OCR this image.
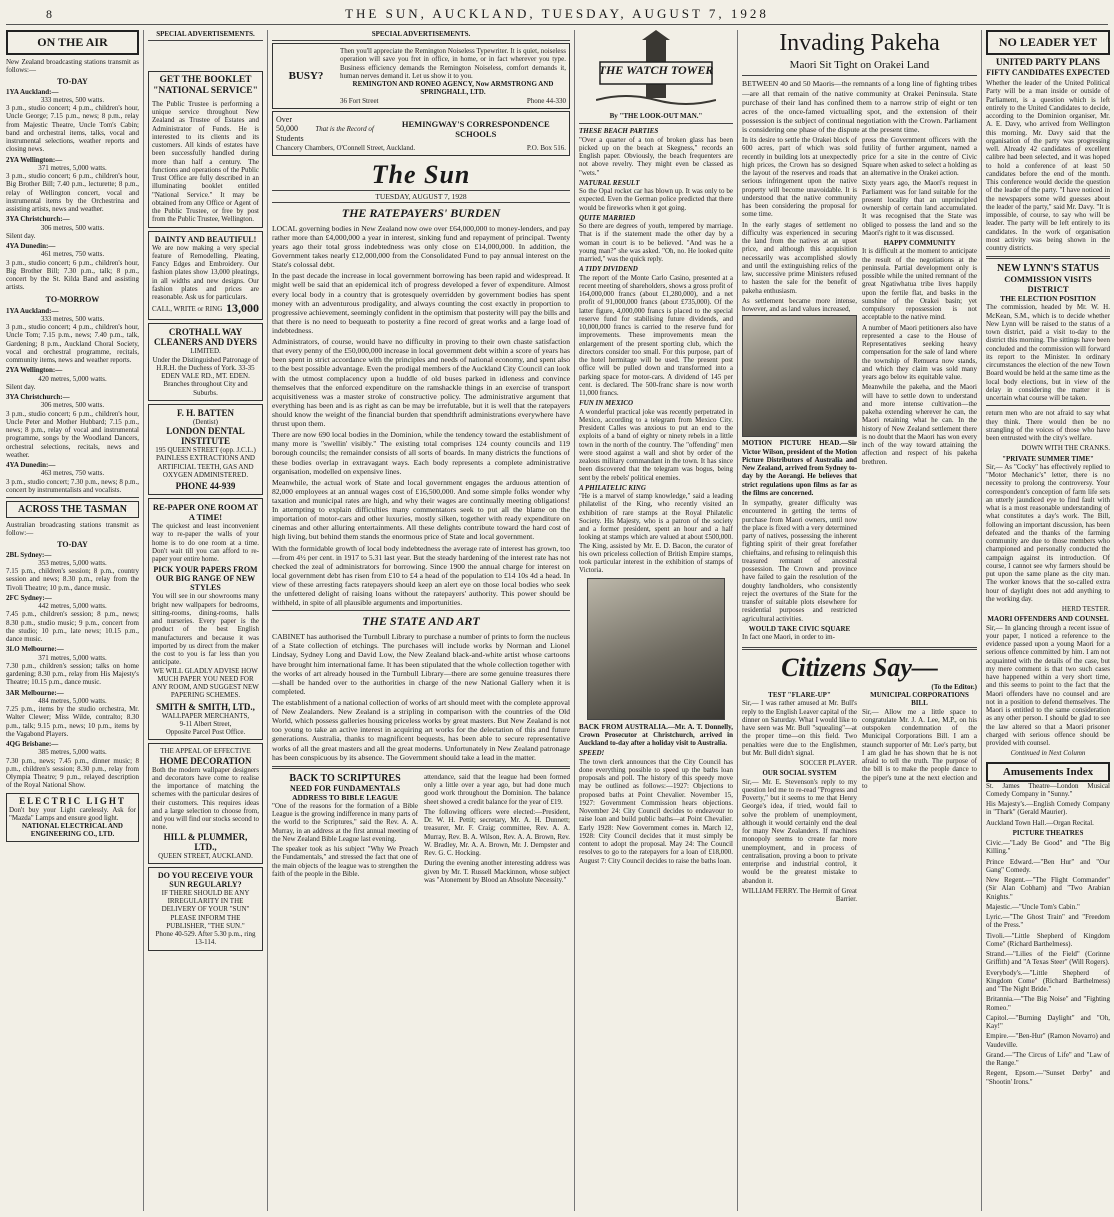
8	THE SUN, AUCKLAND, TUESDAY, AUGUST 7, 1928
ON THE AIR
New Zealand broadcasting stations transmit as follows:—
TO-DAY
1YA Auckland:—
333 metres, 500 watts.

3 p.m., studio concert; 4 p.m., children's hour, Uncle George; 7.15 p.m., news; 8 p.m., relay from Majestic Theatre, Uncle Tom's Cabin; band and orchestral items, talks, vocal and instrumental selections, weather reports and closing news.

2YA Wellington:—
371 metres, 5,000 watts.

3 p.m., studio concert; 6 p.m., children's hour, Big Brother Bill; 7.40 p.m., lecturette; 8 p.m., relay of Wellington concert, vocal and instrumental items by the Orchestrina and assisting artists, news and weather.

3YA Christchurch:—
306 metres, 500 watts.

Silent day.

4YA Dunedin:—
461 metres, 750 watts.

3 p.m., studio concert; 6 p.m., children's hour, Big Brother Bill; 7.30 p.m., talk; 8 p.m., concert by the St. Kilda Band and assisting artists.

TO-MORROW
1YA Auckland:—
333 metres, 500 watts.

3 p.m., studio concert; 4 p.m., children's hour, Uncle Tom; 7.15 p.m., news; 7.40 p.m., talk, Gardening; 8 p.m., Auckland Choral Society, vocal and orchestral programme, recitals, community items, news and weather reports.

2YA Wellington:—
420 metres, 5,000 watts.

Silent day.

3YA Christchurch:—
306 metres, 500 watts.

3 p.m., studio concert; 6 p.m., children's hour, Uncle Peter and Mother Hubbard; 7.15 p.m., news; 8 p.m., relay of vocal and instrumental programme, songs by the Woodland Dancers, orchestral selections, recitals, news and weather.

4YA Dunedin:—
463 metres, 750 watts.

3 p.m., studio concert; 7.30 p.m., news; 8 p.m., concert by instrumentalists and vocalists.

ACROSS THE TASMAN
Australian broadcasting stations transmit as follow:—
TO-DAY
2BL Sydney:—
353 metres, 5,000 watts.

7.15 p.m., children's session; 8 p.m., country session and news; 8.30 p.m., relay from the Tivoli Theatre; 10 p.m., dance music.

2FC Sydney:—
442 metres, 5,000 watts.

7.45 p.m., children's session; 8 p.m., news; 8.30 p.m., studio music; 9 p.m., concert from the studio; 10 p.m., late news; 10.15 p.m., dance music.

3LO Melbourne:—
371 metres, 5,000 watts.

7.30 p.m., children's session; talks on home gardening; 8.30 p.m., relay from His Majesty's Theatre; 10.15 p.m., dance music.

3AR Melbourne:—
484 metres, 5,000 watts.

7.25 p.m., items by the studio orchestra, Mr. Walter Clewer; Miss Wilde, contralto; 8.30 p.m., talk; 9.15 p.m., news; 10 p.m., items by the Vagabond Players.

4QG Brisbane:—
385 metres, 5,000 watts.

7.30 p.m., news; 7.45 p.m., dinner music; 8 p.m., children's session; 8.30 p.m., relay from Olympia Theatre; 9 p.m., relayed description of the Royal National Show.

ELECTRIC LIGHT
Don't buy your Light carelessly. Ask for "Mazda" Lamps and ensure good light.
NATIONAL ELECTRICAL AND ENGINEERING CO., LTD.
SPECIAL ADVERTISEMENTS.
GET THE BOOKLET "NATIONAL SERVICE"
The Public Trustee is performing a unique service throughout New Zealand as Trustee of Estates and Administrator of Funds. He is interested to its clients and its customers. All kinds of estates have been successfully handled during more than half a century. The functions and operations of the Public Trust Office are fully described in an illuminating booklet entitled "National Service." It may be obtained from any Office or Agent of the Public Trustee, or free by post from the Public Trustee, Wellington.
DAINTY AND BEAUTIFUL!
We are now making a very special feature of Remodelling, Pleating, Fancy Edges and Embroidery. Our fashion plates show 13,000 pleatings, in all widths and new designs. Our fashion plates and prices are reasonable. Ask us for particulars.
CALL, WRITE or RING 13,000
CROTHALL WAY CLEANERS AND DYERS
LIMITED.
Under the Distinguished Patronage of H.R.H. the Duchess of York. 33-35 EDEN VALE RD., MT. EDEN. Branches throughout City and Suburbs.
F. H. BATTEN
(Dentist)
LONDON DENTAL INSTITUTE
195 QUEEN STREET (opp. J.C.L.) PAINLESS EXTRACTIONS AND ARTIFICIAL TEETH, GAS AND OXYGEN ADMINISTERED.
PHONE 44-939
RE-PAPER ONE ROOM AT A TIME!
The quickest and least inconvenient way to re-paper the walls of your home is to do one room at a time. Don't wait till you can afford to re-paper your entire home.
PICK YOUR PAPERS FROM OUR BIG RANGE OF NEW STYLES
You will see in our showrooms many bright new wallpapers for bedrooms, sitting-rooms, dining-rooms, halls and nurseries. Every paper is the product of the best English manufacturers and because it was imported by us direct from the maker the cost to you is far less than you anticipate.
WE WILL GLADLY ADVISE HOW MUCH PAPER YOU NEED FOR ANY ROOM, AND SUGGEST NEW PAPERING SCHEMES.
SMITH & SMITH, LTD.,
WALLPAPER MERCHANTS,
9-11 Albert Street,
Opposite Parcel Post Office.
THE APPEAL OF EFFECTIVE
HOME DECORATION
Both the modern wallpaper designers and decorators have come to realise the importance of matching the schemes with the particular desires of their customers. This requires ideas and a large selection to choose from, and you will find our stocks second to none.
HILL & PLUMMER, LTD.,
QUEEN STREET, AUCKLAND.
DO YOU RECEIVE YOUR SUN REGULARLY?
IF THERE SHOULD BE ANY IRREGULARITY IN THE DELIVERY OF YOUR "SUN" PLEASE INFORM THE PUBLISHER, "THE SUN."
Phone 40-529. After 5.30 p.m., ring 13-114.
SPECIAL ADVERTISEMENTS.
BUSY?
Then you'll appreciate the Remington Noiseless Typewriter. It is quiet, noiseless operation will save you fret in office, in home, or in fact wherever you type. Business efficiency demands the Remington Noiseless, comfort demands it, human nerves demand it. Let us show it to you.
REMINGTON AND RONEO AGENCY, Now ARMSTRONG AND SPRINGHALL, LTD.
36 Fort Street	Phone 44-330
Over
50,000
Students
That is the Record of	HEMINGWAY'S CORRESPONDENCE SCHOOLS
Chancery Chambers, O'Connell Street, Auckland.	P.O. Box 516.
The Sun
TUESDAY, AUGUST 7, 1928
THE RATEPAYERS' BURDEN

LOCAL governing bodies in New Zealand now owe over £64,000,000 to money-lenders, and pay rather more than £4,000,000 a year in interest, sinking fund and repayment of principal. Twenty years ago their total gross indebtedness was only close on £14,000,000. In addition, the Government takes nearly £12,000,000 from the Consolidated Fund to pay annual interest on the State's colossal debt.

In the past decade the increase in local government borrowing has been rapid and widespread. It might well be said that an epidemical itch of progress developed a fever of expenditure. Almost every local body in a country that is grotesquely overridden by government bodies has spent money with an adventurous prodigality, and always counting the cost exactly in proportion to progressive achievement, seemingly confident in the optimism that posterity will pay the bills and that there is no need to bequeath to posterity a fine record of great works and a large load of indebtedness.

Administrators, of course, would have no difficulty in proving to their own chaste satisfaction that every penny of the £50,000,000 increase in local government debt within a score of years has been spent in strict accordance with the principles and needs of national economy, and spent also to the best possible advantage. Even the prodigal members of the Auckland City Council can look with the utmost complacency upon a huddle of old buses parked in idleness and convince themselves that the enforced expenditure on the ramshackle things in an exercise of transport acquisitiveness was a master stroke of constructive policy. The administrative argument that everything has been and is as right as can be may be irrefutable, but it is well that the ratepayers should know the weight of the financial burden that spendthrift administrations everywhere have thrust upon them.

There are now 690 local bodies in the Dominion, while the tendency toward the establishment of many more is "swellin' visibly." The existing total comprises 124 county councils and 119 borough councils; the remainder consists of all sorts of boards. In many districts the functions of these bodies overlap in extravagant ways. Each body represents a complete administrative organisation, modelled on expensive lines.

Meanwhile, the actual work of State and local government engages the arduous attention of 82,000 employees at an annual wages cost of £16,500,000. And some simple folks wonder why taxation and municipal rates are high, and why their wages are continually meeting obligations! In attempting to explain difficulties many commentators seek to put all the blame on the importation of motor-cars and other luxuries, mostly silken, together with ready expenditure on cinemas and other alluring entertainments. All these delights contribute toward the hard cost of high living, but behind them stands the enormous price of State and local government.

With the formidable growth of local body indebtedness the average rate of interest has grown, too—from 4½ per cent. in 1917 to 5.31 last year. But the steady hardening of the interest rate has not checked the zeal of administrators for borrowing. Since 1900 the annual charge for interest on local government debt has risen from £10 to £4 a head of the population to £14 10s 4d a head. In view of these arresting facts ratepayers should keep an alert eye on those local bodies who seek the unfettered delight of raising loans without the ratepayers' authority. This power should be withheld, in spite of all plausible arguments and importunities.

THE STATE AND ART

CABINET has authorised the Turnbull Library to purchase a number of prints to form the nucleus of a State collection of etchings. The purchases will include works by Norman and Lionel Lindsay, Sydney Long and David Low, the New Zealand black-and-white artist whose cartoons have brought him international fame. It has been stipulated that the whole collection together with the works of art already housed in the Turnbull Library—there are some genuine treasures there—shall be handed over to the authorities in charge of the new National Gallery when it is completed.

The establishment of a national collection of works of art should meet with the complete approval of New Zealanders. New Zealand is a stripling in comparison with the countries of the Old World, which possess galleries housing priceless works by great masters. But New Zealand is not too young to take an active interest in acquiring art works for the delectation of this and future generations. Australia, thanks to magnificent bequests, has been able to secure representative works of all the great masters and all the great moderns. Unfortunately in New Zealand patronage has been conspicuous by its absence. The Government should take a lead in the matter.

BACK TO SCRIPTURES
NEED FOR FUNDAMENTALS
ADDRESS TO BIBLE LEAGUE

"One of the reasons for the formation of a Bible League is the growing indifference in many parts of the world to the Scriptures," said the Rev. A. A. Murray, in an address at the first annual meeting of the New Zealand Bible League last evening.

The speaker took as his subject "Why We Preach the Fundamentals," and stressed the fact that one of the main objects of the league was to strengthen the faith of the people in the Bible.

attendance, said that the league had been formed only a little over a year ago, but had done much good work throughout the Dominion. The balance sheet showed a credit balance for the year of £19.

The following officers were elected:—President, Dr. W. H. Pettit; secretary, Mr. A. H. Dunnett; treasurer, Mr. F. Craig; committee, Rev. A. A. Murray, Rev. B. A. Wilson, Rev. A. A. Brown, Rev. W. Bradley, Mr. A. A. Brown, Mr. J. Dempster and Rev. G. C. Hocking.

During the evening another interesting address was given by Mr. T. Russell Mackinnon, whose subject was "Atonement by Blood an Absolute Necessity."

THE WATCH TOWER
By "THE LOOK-OUT MAN."
THESE BEACH PARTIES

"Over a quarter of a ton of broken glass has been picked up on the beach at Skegness," records an English paper. Obviously, the beach frequenters are not above revelry. They might even be classed as "wets."

NATURAL RESULT

So the Opal rocket car has blown up. It was only to be expected. Even the German police predicted that there would be fireworks when it got going.

QUITE MARRIED

So there are degrees of youth, tempered by marriage. That is if the statement made the other day by a woman in court is to be believed. "And was he a young man?" she was asked. "Oh, no. He looked quite married," was the quick reply.

A TIDY DIVIDEND

The report of the Monte Carlo Casino, presented at a recent meeting of shareholders, shows a gross profit of 164,000,000 francs (about £1,280,000), and a net profit of 91,000,000 francs (about £735,000). Of the latter figure, 4,000,000 francs is placed to the special reserve fund for stabilising future dividends, and 10,000,000 francs is carried to the reserve fund for improvements. These improvements mean the enlargement of the present sporting club, which the directors consider too small. For this purpose, part of the hotel hermitage will be used. The present post office will be pulled down and transformed into a parking space for motor-cars. A dividend of 145 per cent. is declared. The 500-franc share is now worth 11,000 francs.

FUN IN MEXICO

A wonderful practical joke was recently perpetrated in Mexico, according to a telegram from Mexico City. President Calles was anxious to put an end to the exploits of a band of eighty or ninety rebels in a little town in the north of the country. The "offending" men were stood against a wall and shot by order of the zealous military commandant in the town. It has since been discovered that the telegram was bogus, being sent by the rebels' political enemies.

A PHILATELIC KING

"He is a marvel of stamp knowledge," said a leading philatelist of the King, who recently visited an exhibition of rare stamps at the Royal Philatelic Society. His Majesty, who is a patron of the society and a former president, spent an hour and a half looking at stamps which are valued at about £500,000. The King, assisted by Mr. E. D. Bacon, the curator of his own priceless collection of British Empire stamps, took particular interest in the exhibition of stamps of Victoria.

BACK FROM AUSTRALIA.—Mr. A. T. Donnelly, Crown Prosecutor at Christchurch, arrived in Auckland to-day after a holiday visit to Australia.

SPEED!

The town clerk announces that the City Council has done everything possible to speed up the baths loan proposals and poll. The history of this speedy move may be outlined as follows:—1927: Objections to proposed baths at Point Chevalier. November 15, 1927: Government Commission hears objections. November 24: City Council decides to endeavour to raise loan and build public baths—at Point Chevalier. Early 1928: New Government comes in. March 12, 1928: City Council decides that it must simply be content to adopt the proposal. May 24: The Council resolves to go to the ratepayers for a loan of £18,000. August 7: City Council decides to raise the baths loan.

Invading Pakeha
Maori Sit Tight on Orakei Land

BETWEEN 40 and 50 Maoris—the remnants of a long line of fighting tribes—are all that remain of the native community at Orakei Peninsula. State purchase of their land has confined them to a narrow strip of eight or ten acres of the once-famed victualling spot, and the extension of their possession is the subject of continual negotiation with the Crown. Parliament is considering one phase of the dispute at the present time.

In its desire to settle the Orakei block of 600 acres, part of which was sold recently in building lots at unexpectedly high prices, the Crown has so designed the layout of the reserves and roads that serious infringement upon the native property will become unavoidable. It is understood that the native community has been considering the proposal for some time.

In the early stages of settlement no difficulty was experienced in securing the land from the natives at an upset price, and although this acquisition necessarily was accomplished slowly and until the extinguishing relics of the law, successive prime Ministers refused to hasten the sale for the benefit of pakeha enthusiasm.

As settlement became more intense, however, and as land values increased,

MOTION PICTURE HEAD.—Sir Victor Wilson, president of the Motion Picture Distributors of Australia and New Zealand, arrived from Sydney to-day by the Aorangi. He believes that strict regulations upon films as far as the films are concerned.

In sympathy, greater difficulty was encountered in getting the terms of purchase from Maori owners, until now the place is fixed with a very determined party of natives, possessing the inherent fighting spirit of their great forefather chieftains, and refusing to relinquish this treasured remnant of ancestral possession. The Crown and province have failed to gain the resolution of the doughty landholders, who consistently reject the overtures of the State for the transfer of suitable plots elsewhere for residential purposes and restricted agricultural activities.

WOULD TAKE CIVIC SQUARE

In fact one Maori, in order to im-

press the Government officers with the futility of further argument, named a price for a site in the centre of Civic Square when asked to select a holding as an alternative in the Orakei action.

Sixty years ago, the Maori's request in Parliament was for land suitable for the present locality that an unprincipled ownership of certain land accumulated. It was recognised that the State was obliged to possess the land and so the Maori's right to it was discussed.

HAPPY COMMUNITY

It is difficult at the moment to anticipate the result of the negotiations at the peninsula. Partial development only is possible while the united remnant of the great Ngatiwhatua tribe lives happily upon the fertile flat, and basks in the sunshine of the Orakei basin; yet compulsory repossession is not acceptable to the native mind.

A number of Maori petitioners also have represented a case to the House of Representatives seeking heavy compensation for the sale of land where the township of Remuera now stands, and which they claim was sold many years ago below its equitable value.

Meanwhile the pakeha, and the Maori will have to settle down to understand and more intense cultivation—the pakeha extending wherever he can, the Maori retaining what he can. In the history of New Zealand settlement there is no doubt that the Maori has won every inch of the way toward attaining the affection and respect of his pakeha brethren.

Citizens Say—
(To the Editor.)
TEST "FLARE-UP"

Sir,— I was rather amused at Mr. Bull's reply to the English Leaver capital of the dinner on Saturday. What I would like to have seen was Mr. Bull "squealing"—at the proper time—on this field. Two penalties were due to the Englishmen, but Mr. Bull didn't signal.

SOCCER PLAYER.
OUR SOCIAL SYSTEM

Sir,— Mr. E. Stevenson's reply to my question led me to re-read "Progress and Poverty," but it seems to me that Henry George's idea, if tried, would fail to solve the problem of unemployment, although it would certainly end the deal for many New Zealanders. If machines monopoly seems to create far more unemployment, and in process of centralisation, proving a boon to private enterprise and industrial control, it would be the greatest mistake to abandon it.

WILLIAM FERRY. The Hermit of Great Barrier.
MUNICIPAL CORPORATIONS BILL

Sir,— Allow me a little space to congratulate Mr. J. A. Lee, M.P., on his outspoken condemnation of the Municipal Corporations Bill. I am a staunch supporter of Mr. Lee's party, but I am glad he has shown that he is not afraid to tell the truth. The purpose of the bill is to make the people dance to the piper's tune at the next election and to

NO LEADER YET
UNITED PARTY PLANS
FIFTY CANDIDATES EXPECTED

Whether the leader of the United Political Party will be a man inside or outside of Parliament, is a question which is left entirely to the United Candidates to decide, according to the Dominion organiser, Mr. A. E. Davy, who arrived from Wellington this morning. Mr. Davy said that the organisation of the party was progressing well. Already 42 candidates of excellent calibre had been selected, and it was hoped to hold a conference of at least 50 candidates before the end of the month. This conference would decide the question of the leader of the party. "I have noticed in the newspapers some wild guesses about the leader of the party," said Mr. Davy. "It is impossible, of course, to say who will be leader. The party will be left entirely to its candidates. In the work of organisation most activity was being shown in the country districts.

NEW LYNN'S STATUS
COMMISSION VISITS DISTRICT
THE ELECTION POSITION

The commission, headed by Mr. W. H. McKean, S.M., which is to decide whether New Lynn will be raised to the status of a town district, paid a visit to-day to the district this morning. The sittings have been concluded and the commission will forward its report to the Minister. In ordinary circumstances the election of the new Town Board would be held at the same time as the local body elections, but in view of the delay in considering the matter it is uncertain what course will be taken.

return men who are not afraid to say what they think. There would then be no strangling of the voices of those who have been entrusted with the city's welfare.

DOWN WITH THE CRANKS.
"PRIVATE SUMMER TIME"

Sir,— As "Cocky" has effectively replied to "Motor Mechanic's" letter, there is no necessity to prolong the controversy. Your correspondent's conception of farm life sets an utterly jaundiced eye to find fault with what is a most reasonable understanding of what constitutes a day's work. The Bill, following an important discussion, has been defeated and the thanks of the farming community are due to those members who championed and personally conducted the campaign against its introduction. Of course, I cannot see why farmers should be put upon the same plane as the city man. The worker knows that the so-called extra hour of daylight does not add anything to the working day.

HERD TESTER.
MAORI OFFENDERS AND COUNSEL

Sir,— In glancing through a recent issue of your paper, I noticed a reference to the evidence passed upon a young Maori for a serious offence committed by him. I am not acquainted with the details of the case, but my mere comment is that two such cases have happened within a very short time, and this seems to point to the fact that the Maori offenders have no counsel and are not in a position to defend themselves. The Maori is entitled to the same consideration as any other person. I should be glad to see the law altered so that a Maori prisoner charged with serious offence should be provided with counsel.

Continued in Next Column
Amusements Index

St. James Theatre—London Musical Comedy Company in "Sunny."

His Majesty's.—English Comedy Company in "Thark" (Gerald Maurier).

Auckland Town Hall.—Organ Recital.

PICTURE THEATRES

Civic.—"Lady Be Good" and "The Big Killing."

Prince Edward.—"Ben Hur" and "Our Gang" Comedy.

New Regent.—"The Flight Commander" (Sir Alan Cobham) and "Two Arabian Knights."

Majestic.—"Uncle Tom's Cabin."

Lyric.—"The Ghost Train" and "Freedom of the Press."

Tivoli.—"Little Shepherd of Kingdom Come" (Richard Barthelmess).

Strand.—"Lilies of the Field" (Corinne Griffith) and "A Texas Steer" (Will Rogers).

Everybody's.—"Little Shepherd of Kingdom Come" (Richard Barthelmess) and "The Night Bride."

Britannia.—"The Big Noise" and "Fighting Romeo."

Capitol.—"Burning Daylight" and "Oh, Kay!"

Empire.—"Ben-Hur" (Ramon Novarro) and Vaudeville.

Grand.—"The Circus of Life" and "Law of the Range."

Regent, Epsom.—"Sunset Derby" and "Shootin' Irons."
